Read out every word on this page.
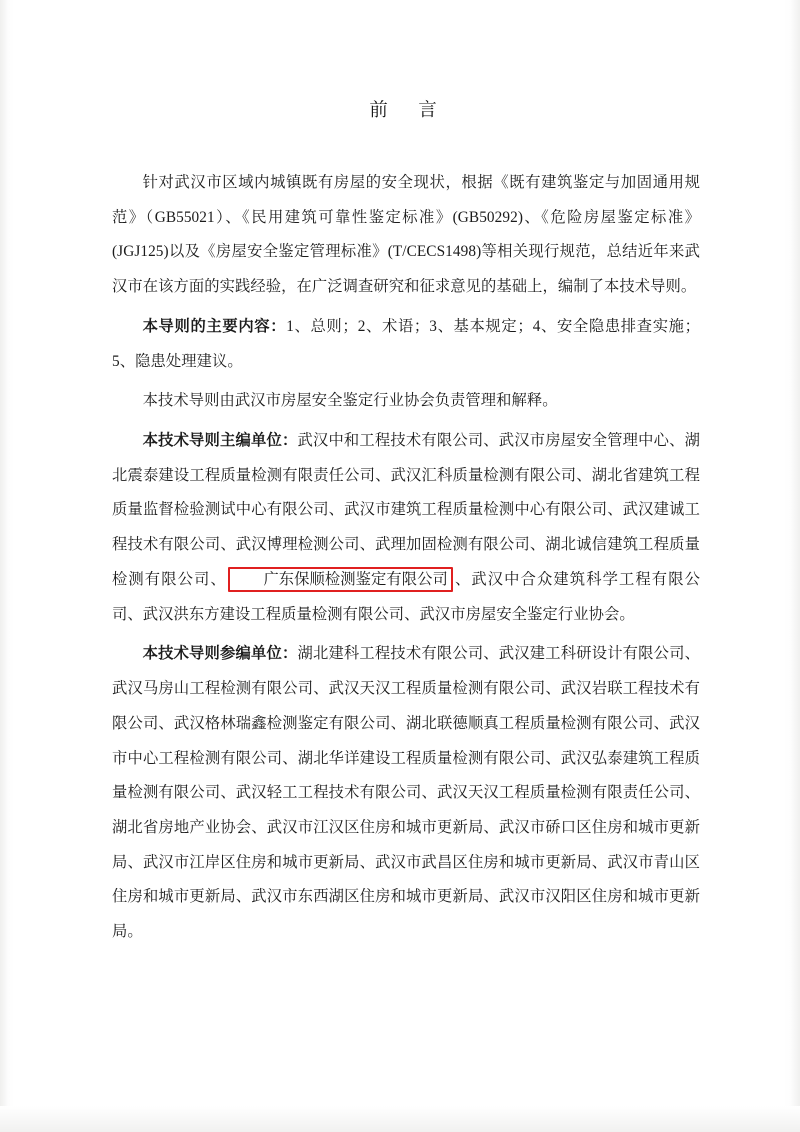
前　言

针对武汉市区域内城镇既有房屋的安全现状，根据《既有建筑鉴定与加固通用规范》（GB55021）、《民用建筑可靠性鉴定标准》(GB50292)、《危险房屋鉴定标准》(JGJ125)以及《房屋安全鉴定管理标准》(T/CECS1498)等相关现行规范，总结近年来武汉市在该方面的实践经验，在广泛调查研究和征求意见的基础上，编制了本技术导则。

本导则的主要内容：1、总则；2、术语；3、基本规定；4、安全隐患排查实施；5、隐患处理建议。

本技术导则由武汉市房屋安全鉴定行业协会负责管理和解释。

本技术导则主编单位：武汉中和工程技术有限公司、武汉市房屋安全管理中心、湖北震泰建设工程质量检测有限责任公司、武汉汇科质量检测有限公司、湖北省建筑工程质量监督检验测试中心有限公司、武汉市建筑工程质量检测中心有限公司、武汉建诚工程技术有限公司、武汉博理检测公司、武理加固检测有限公司、湖北诚信建筑工程质量检测有限公司、 广东保顺检测鉴定有限公司 、武汉中合众建筑科学工程有限公司、武汉洪东方建设工程质量检测有限公司、武汉市房屋安全鉴定行业协会。

本技术导则参编单位：湖北建科工程技术有限公司、武汉建工科研设计有限公司、武汉马房山工程检测有限公司、武汉天汉工程质量检测有限公司、武汉岩联工程技术有限公司、武汉格林瑞鑫检测鉴定有限公司、湖北联德顺真工程质量检测有限公司、武汉市中心工程检测有限公司、湖北华详建设工程质量检测有限公司、武汉弘泰建筑工程质量检测有限公司、武汉轻工工程技术有限公司、武汉天汉工程质量检测有限责任公司、湖北省房地产业协会、武汉市江汉区住房和城市更新局、武汉市硚口区住房和城市更新局、武汉市江岸区住房和城市更新局、武汉市武昌区住房和城市更新局、武汉市青山区住房和城市更新局、武汉市东西湖区住房和城市更新局、武汉市汉阳区住房和城市更新局。
